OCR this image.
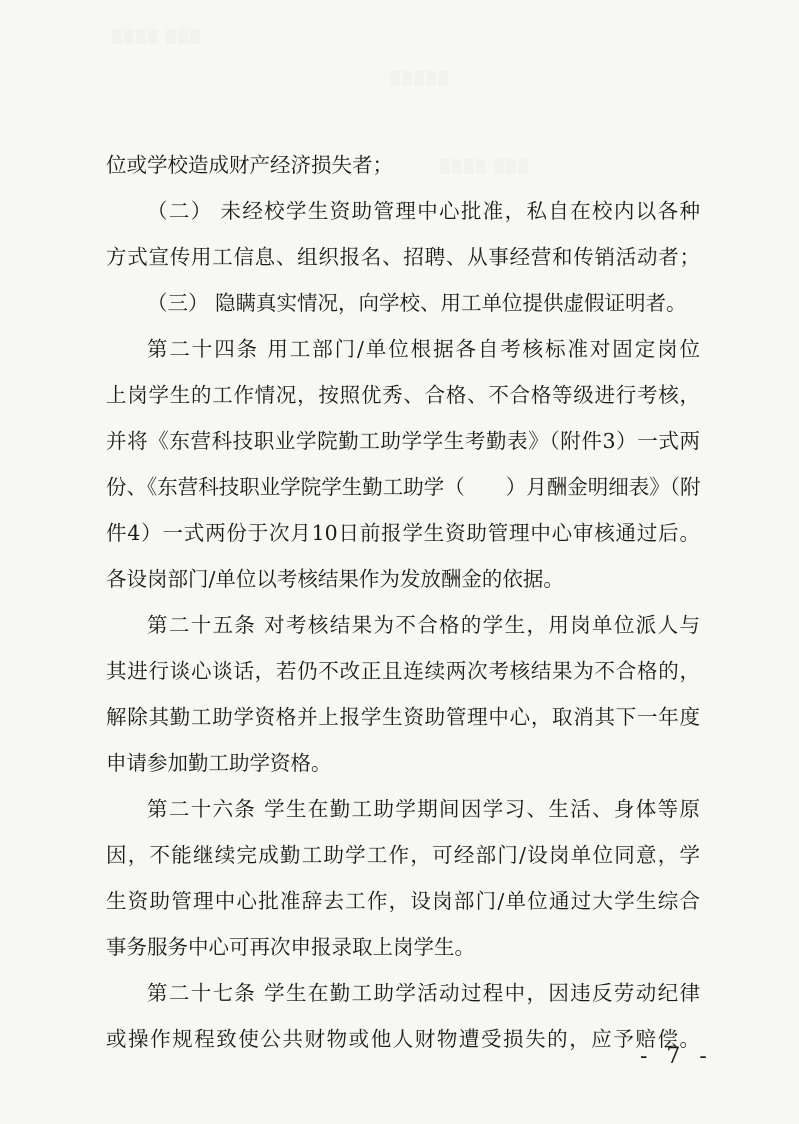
▒▒▒▒ ▒▒▒
▒▒▒▒▒
▒▒▒▒ ▒▒▒
位或学校造成财产经济损失者；
（二） 未经校学生资助管理中心批准，私自在校内以各种
方式宣传用工信息、组织报名、招聘、从事经营和传销活动者；
（三） 隐瞒真实情况，向学校、用工单位提供虚假证明者。
第二十四条 用工部门/单位根据各自考核标准对固定岗位
上岗学生的工作情况，按照优秀、合格、不合格等级进行考核，
并将《东营科技职业学院勤工助学学生考勤表》（附件3）一式两
份、《东营科技职业学院学生勤工助学（　　）月酬金明细表》（附
件4）一式两份于次月10日前报学生资助管理中心审核通过后。
各设岗部门/单位以考核结果作为发放酬金的依据。
第二十五条 对考核结果为不合格的学生，用岗单位派人与
其进行谈心谈话，若仍不改正且连续两次考核结果为不合格的，
解除其勤工助学资格并上报学生资助管理中心，取消其下一年度
申请参加勤工助学资格。
第二十六条 学生在勤工助学期间因学习、生活、身体等原
因，不能继续完成勤工助学工作，可经部门/设岗单位同意，学
生资助管理中心批准辞去工作，设岗部门/单位通过大学生综合
事务服务中心可再次申报录取上岗学生。
第二十七条 学生在勤工助学活动过程中，因违反劳动纪律
或操作规程致使公共财物或他人财物遭受损失的，应予赔偿。
- 7 -
